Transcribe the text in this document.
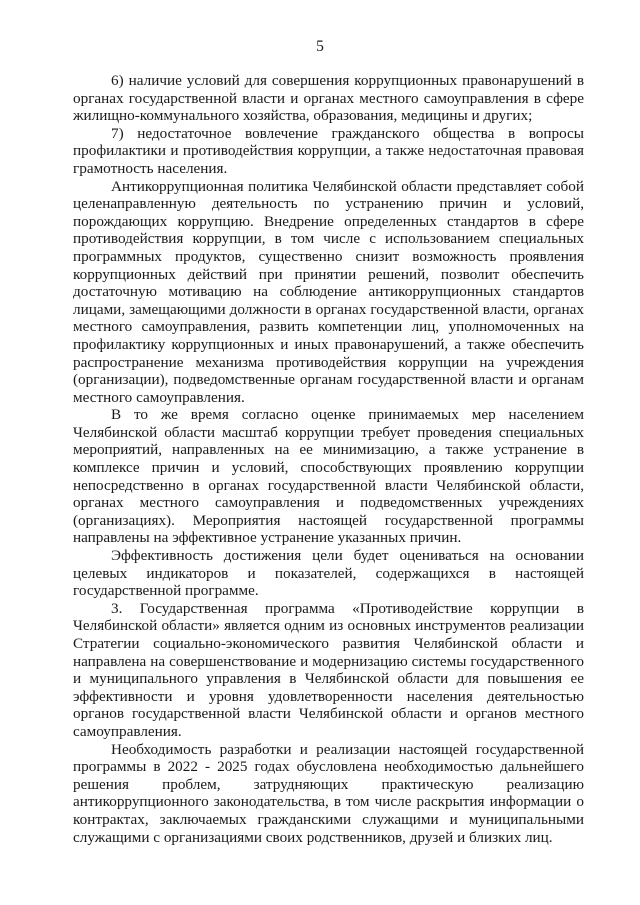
5

6) наличие условий для совершения коррупционных правонарушений в органах государственной власти и органах местного самоуправления в сфере жилищно-коммунального хозяйства, образования, медицины и других;

7) недостаточное вовлечение гражданского общества в вопросы профилактики и противодействия коррупции, а также недостаточная правовая грамотность населения.

Антикоррупционная политика Челябинской области представляет собой целенаправленную деятельность по устранению причин и условий, порождающих коррупцию. Внедрение определенных стандартов в сфере противодействия коррупции, в том числе с использованием специальных программных продуктов, существенно снизит возможность проявления коррупционных действий при принятии решений, позволит обеспечить достаточную мотивацию на соблюдение антикоррупционных стандартов лицами, замещающими должности в органах государственной власти, органах местного самоуправления, развить компетенции лиц, уполномоченных на профилактику коррупционных и иных правонарушений, а также обеспечить распространение механизма противодействия коррупции на учреждения (организации), подведомственные органам государственной власти и органам местного самоуправления.

В то же время согласно оценке принимаемых мер населением Челябинской области масштаб коррупции требует проведения специальных мероприятий, направленных на ее минимизацию, а также устранение в комплексе причин и условий, способствующих проявлению коррупции непосредственно в органах государственной власти Челябинской области, органах местного самоуправления и подведомственных учреждениях (организациях). Мероприятия настоящей государственной программы направлены на эффективное устранение указанных причин.

Эффективность достижения цели будет оцениваться на основании целевых индикаторов и показателей, содержащихся в настоящей государственной программе.

3. Государственная программа «Противодействие коррупции в Челябинской области» является одним из основных инструментов реализации Стратегии социально-экономического развития Челябинской области и направлена на совершенствование и модернизацию системы государственного и муниципального управления в Челябинской области для повышения ее эффективности и уровня удовлетворенности населения деятельностью органов государственной власти Челябинской области и органов местного самоуправления.

Необходимость разработки и реализации настоящей государственной программы в 2022 - 2025 годах обусловлена необходимостью дальнейшего решения проблем, затрудняющих практическую реализацию антикоррупционного законодательства, в том числе раскрытия информации о контрактах, заключаемых гражданскими служащими и муниципальными служащими с организациями своих родственников, друзей и близких лиц.
